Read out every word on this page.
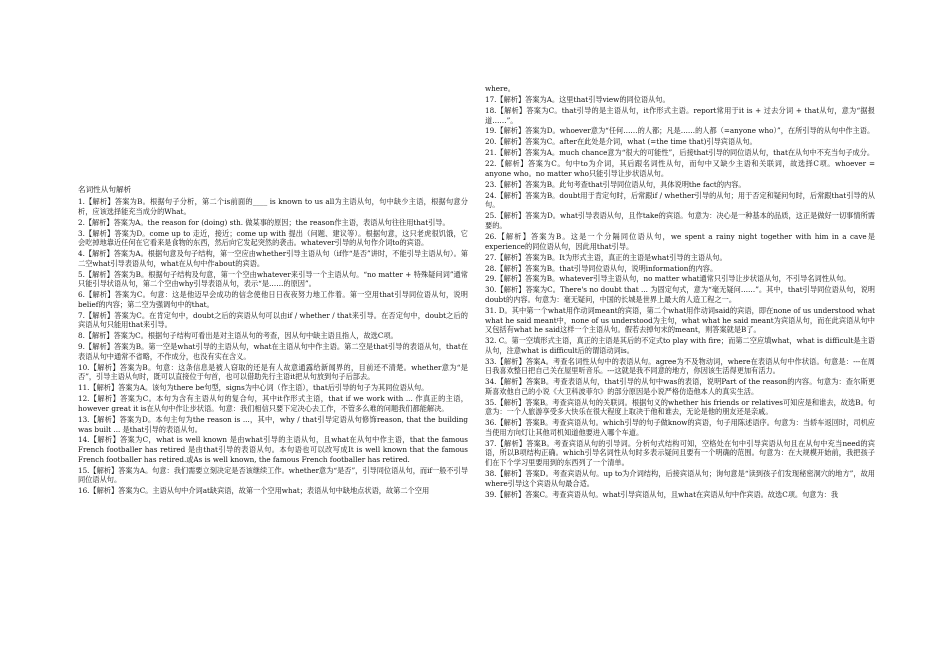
名词性从句解析
1.【解析】答案为B。根据句子分析，第二个is前面的____ is known to us all为主语从句，句中缺少主语，根据句意分析，应该选择能充当成分的What。
2.【解析】答案为A。the reason for (doing) sth. 做某事的原因；the reason作主语，表语从句往往用that引导。
3.【解析】答案为D。come up to 走近，接近；come up with 提出（问题、建议等）。根据句意，这只老虎很饥饿，它会吃掉地靠近任何在它看来是食物的东西，然后向它发起突然的袭击。whatever引导的从句作介词to的宾语。
4.【解析】答案为A。根据句意及句子结构，第一空应由whether引导主语从句（if作“是否”讲时，不能引导主语从句）。第二空what引导表语从句，what在从句中作about的宾语。
5.【解析】答案为B。根据句子结构及句意，第一个空由whatever来引导一个主语从句。“no matter + 特殊疑问词”通常只能引导状语从句，第二个空由why引导表语从句，表示“是……的原因”。
6.【解析】答案为C。句意：这是他迈早会成功的信念使他日日夜夜努力地工作着。第一空用that引导同位语从句，说明belief的内容；第二空为强调句中的that。
7.【解析】答案为C。在肯定句中，doubt之后的宾语从句可以由if / whether / that来引导。在否定句中，doubt之后的宾语从句只能用that来引导。
8.【解析】答案为C。根据句子结构可看出是对主语从句的考查，因从句中缺主语且指人，故选C项。
9.【解析】答案为B。第一空是what引导的主语从句，what在主语从句中作主语。第二空是that引导的表语从句，that在表语从句中通常不省略，不作成分，也没有实在含义。
10.【解析】答案为B。句意：这条信息是被人窃取的还是有人故意通露给新闻界的，目前还不清楚。whether意为“是否”，引导主语从句时，既可以直接位于句首，也可以借助先行主语it把从句放到句子后部去。
11.【解析】答案为A。该句为there be句型，signs为中心词（作主语），that后引导的句子为其同位语从句。
12.【解析】答案为C。本句为含有主语从句的复合句，其中it作形式主语，that if we work with ... 作真正的主语，however great it is在从句中作让步状语。句意：我们相信只要下定决心去工作，不管多么难的问题我们都能解决。
13.【解析】答案为D。本句主句为the reason is ...，其中，why / that引导定语从句修饰reason, that the building was built ... 是that引导的表语从句。
14.【解析】答案为C，what is well known 是由what引导的主语从句，且what在从句中作主语，that the famous French footballer has retired 是由that引导的表语从句。本句语也可以改写成It is well known that the famous French footballer has retired.或As is well known, the famous French footballer has retired.
15.【解析】答案为A。句意：我们需要立刻决定是否该继续工作。whether意为“是否”，引导同位语从句，而if一般不引导同位语从句。
16.【解析】答案为C。主语从句中介词at缺宾语，故第一个空用what；表语从句中缺地点状语，故第二个空用
where。
17.【解析】答案为A。这里that引导view的同位语从句。
18.【解析】答案为C。that引导的是主语从句，it作形式主语。report常用于it is + 过去分词 + that从句，意为“据报道……”。
19.【解析】答案为D。whoever意为“任何……的人都；凡是……的人都（=anyone who）”，在所引导的从句中作主语。
20.【解析】答案为C。after在此处是介词，what (=the time that)引导宾语从句。
21.【解析】答案为A。much chance意为“很大的可能性”，后接that引导的同位语从句，that在从句中不充当句子成分。
22.【解析】答案为C。句中to为介词，其后跟名词性从句，而句中又缺少主语和关联词，故选择C项。whoever = anyone who。no matter who只能引导让步状语从句。
23.【解析】答案为B。此句考查that引导同位语从句，具体说明the fact的内容。
24.【解析】答案为B。doubt用于肯定句时，后常跟if / whether引导的从句；用于否定和疑问句时，后常跟that引导的从句。
25.【解析】答案为D。what引导表语从句，且作take的宾语。句意为：决心是一种基本的品质，这正是做好一切事情所需要的。
26.【解析】答案为B。这是一个分隔同位语从句，we spent a rainy night together with him in a cave是experience的同位语从句，因此用that引导。
27.【解析】答案为B。It为形式主语，真正的主语是what引导的主语从句。
28.【解析】答案为B。that引导同位语从句，说明information的内容。
29.【解析】答案为B。whatever引导主语从句，no matter what通常只引导让步状语从句，不引导名词性从句。
30.【解析】答案为C。There's no doubt that ... 为固定句式，意为“毫无疑问……”。其中，that引导同位语从句，说明doubt的内容。句意为：毫无疑问，中国的长城是世界上最大的人造工程之一。
31. D。其中第一个what用作动词meant的宾语，第二个what用作动词said的宾语，即在none of us understood what what he said meant中，none of us understood为主句，what what he said meant为宾语从句，而在此宾语从句中又包括有what he said这样一个主语从句。假若去掉句末的meant，则答案就是B了。
32. C。第一空填形式主语，真正的主语是其后的不定式to play with fire；而第二空应填what，what is difficult是主语从句，注意what is difficult后的谓语动词is。
33.【解析】答案A。考查名词性从句中的表语从句。agree为不及物动词，where在表语从句中作状语。句意是：---在周日我喜欢整日把自己关在屋里听音乐。---这就是我不同意的地方，你因该生活得更加有活力。
34.【解析】答案B。考查表语从句，that引导的从句中was的表语，说明Part of the reason的内容。句意为：查尔斯更斯喜欢他自己的小说《大卫科波菲尔》的部分原因是小说严格仿造他本人的真实生活。
35.【解析】答案B。考查宾语从句的关联词。根据句义的whether his friends or relatives可知应是和谁去，故选B。句意为：一个人旅游享受多大快乐在很大程度上取决于他和谁去，无论是他的朋友还是亲戚。
36.【解析】答案B。考查宾语从句。which引导的句子做know的宾语，句子用陈述语序。句意为：当轿车返回时，司机应当使用方向灯让其他司机知道他要进入哪个车道。
37.【解析】答案B。考查宾语从句的引导词。分析句式结构可知，空格处在句中引导宾语从句且在从句中充当need的宾语，所以B项结构正确。which引导名词性从句时多表示疑问且要有一个明确的范围。句意为：在大规模开始前，我把孩子们在下个学习里要用到的东西列了一个清单。
38.【解析】答案D。考查宾语从句。up to为介词结构，后接宾语从句；询句意是“读到孩子们发现秘密洞穴的地方”，故用where引导这个宾语从句最合适。
39.【解析】答案C。考查宾语从句。what引导宾语从句，且what在宾语从句中作宾语。故选C项。句意为：我
